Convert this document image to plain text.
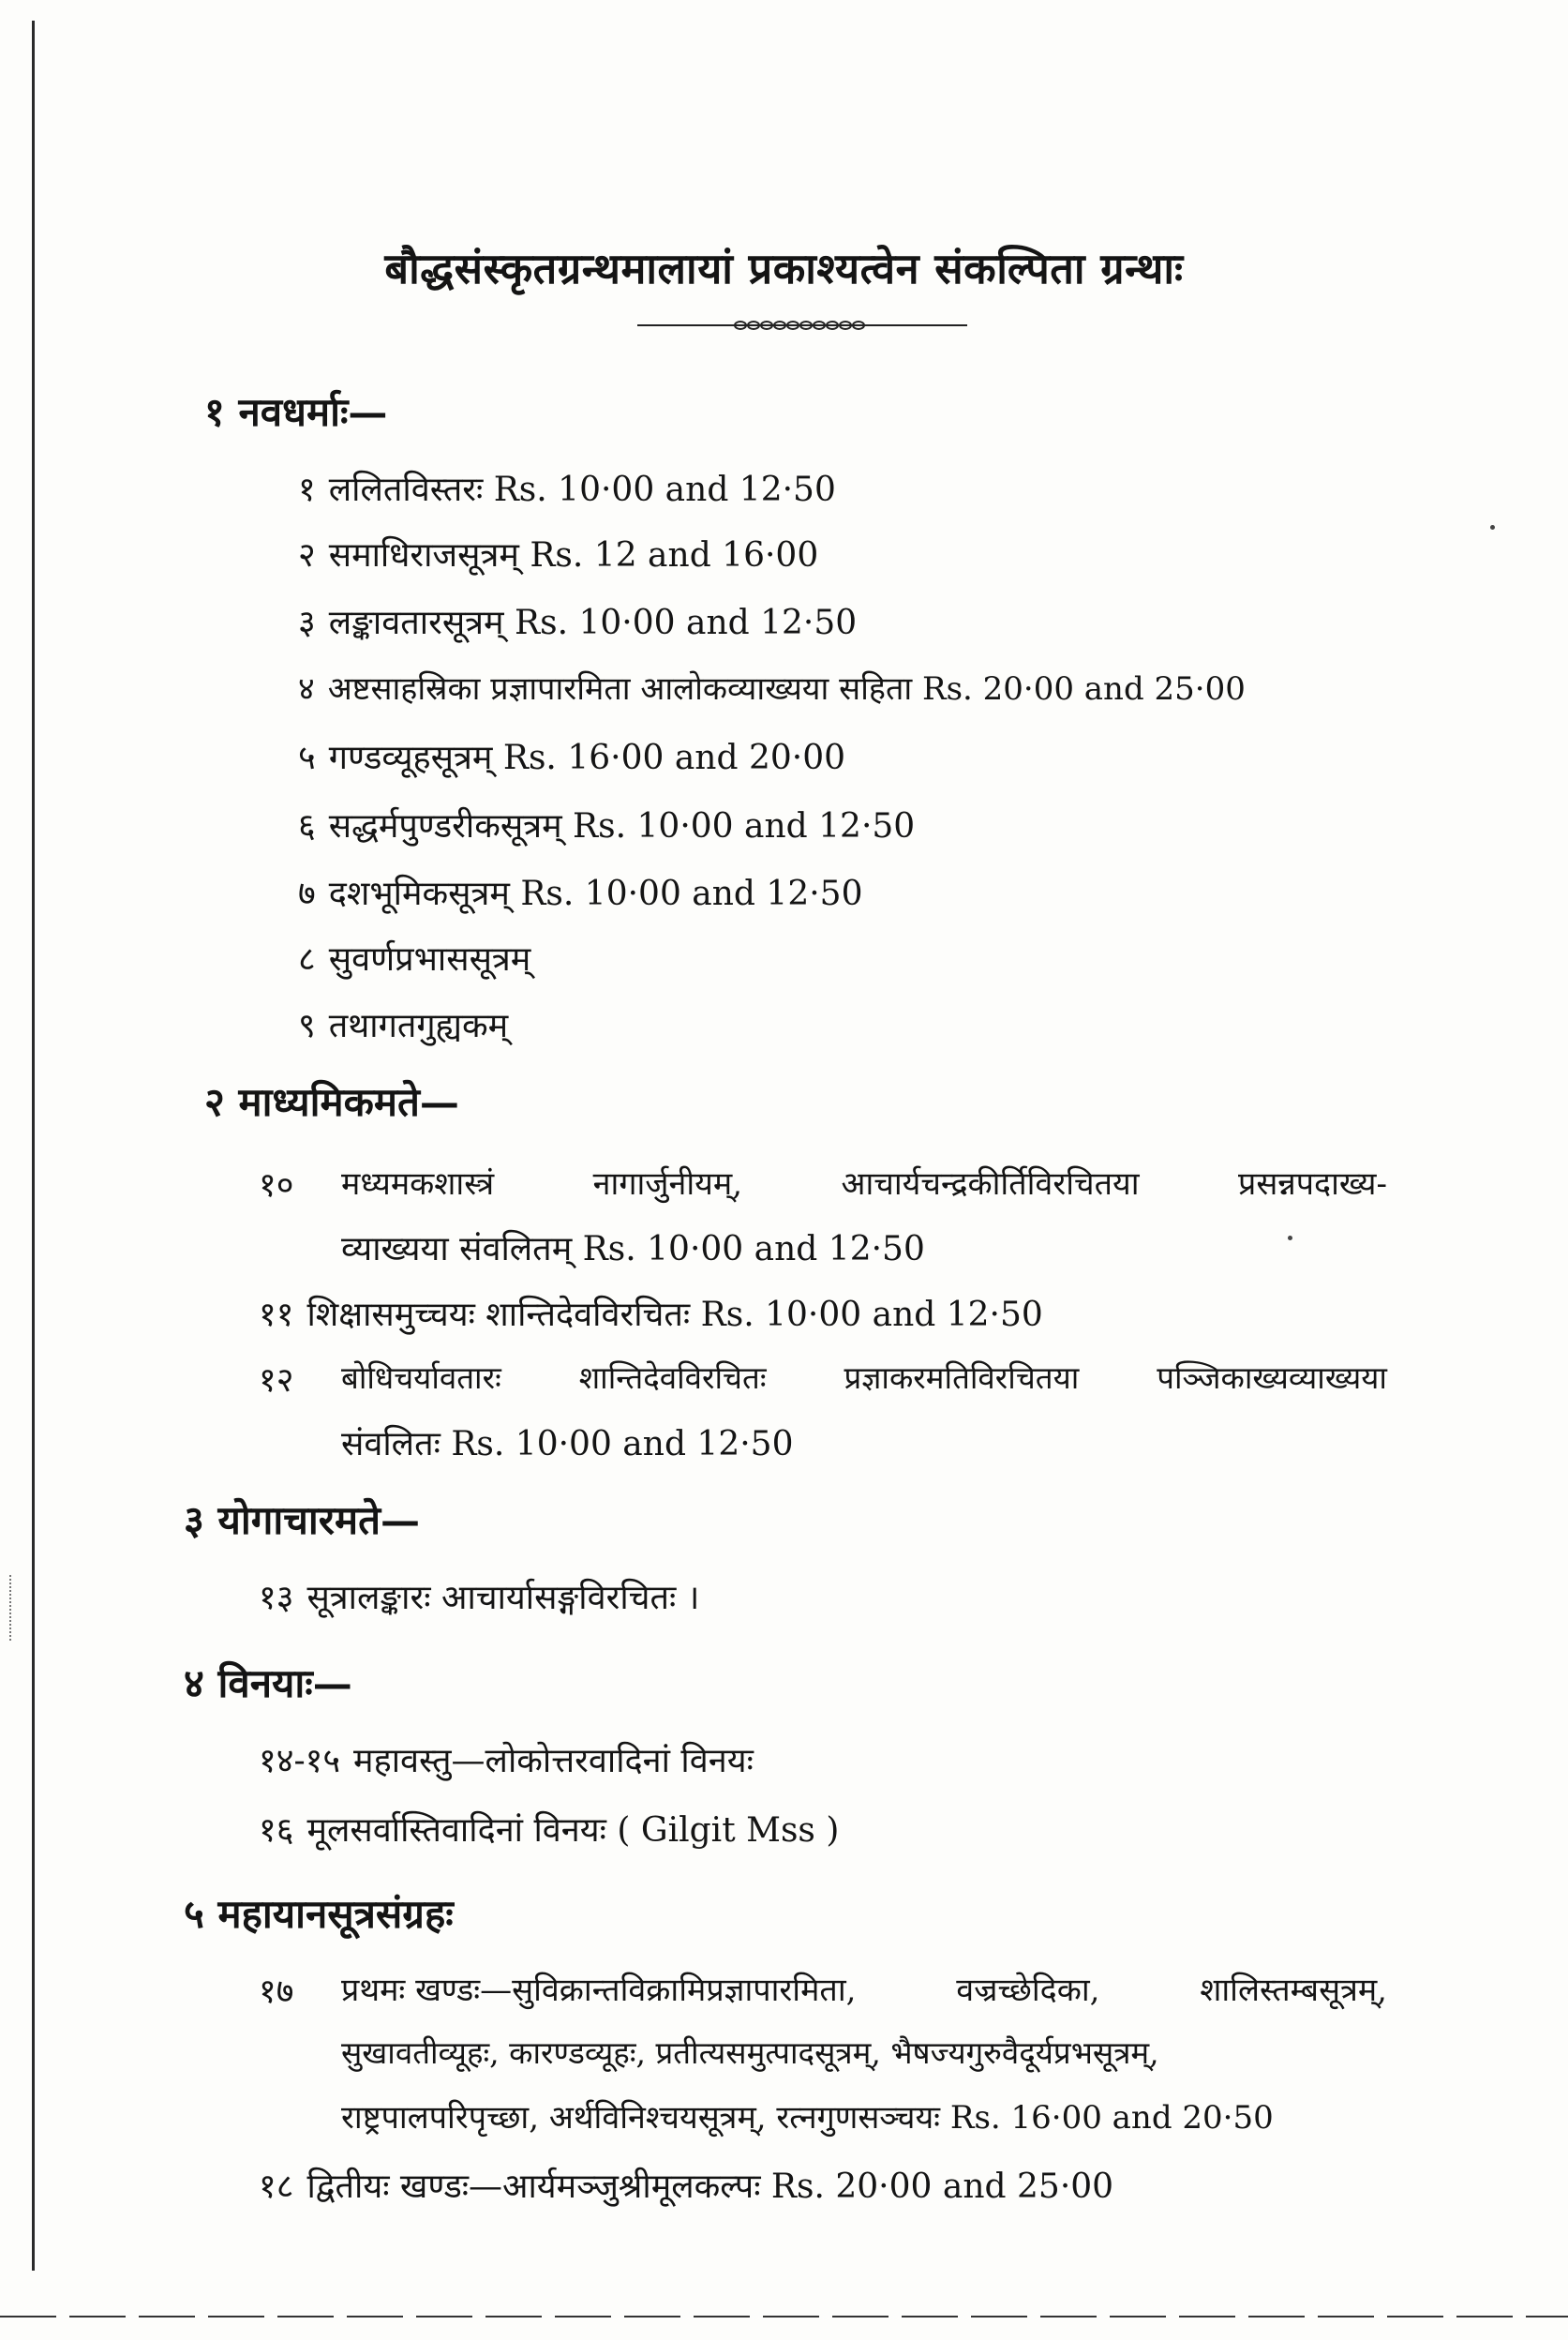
बौद्धसंस्कृतग्रन्थमालायां प्रकाश्यत्वेन संकल्पिता ग्रन्थाः
१ नवधर्माः—
१ ललितविस्तरः Rs. 10·00 and 12·50
२ समाधिराजसूत्रम् Rs. 12 and 16·00
३ लङ्कावतारसूत्रम् Rs. 10·00 and 12·50
४ अष्टसाहस्रिका प्रज्ञापारमिता आलोकव्याख्यया सहिता Rs. 20·00 and 25·00
५ गण्डव्यूहसूत्रम् Rs. 16·00 and 20·00
६ सद्धर्मपुण्डरीकसूत्रम् Rs. 10·00 and 12·50
७ दशभूमिकसूत्रम् Rs. 10·00 and 12·50
८ सुवर्णप्रभाससूत्रम्
९ तथागतगुह्यकम्
२ माध्यमिकमते—
१० मध्यमकशास्त्रं	नागार्जुनीयम्,	आचार्यचन्द्रकीर्तिविरचितया	प्रसन्नपदाख्य-
व्याख्यया संवलितम् Rs. 10·00 and 12·50
११ शिक्षासमुच्चयः शान्तिदेवविरचितः Rs. 10·00 and 12·50
१२ बोधिचर्यावतारः	शान्तिदेवविरचितः	प्रज्ञाकरमतिविरचितया	पञ्जिकाख्यव्याख्यया
संवलितः Rs. 10·00 and 12·50
३ योगाचारमते—
१३ सूत्रालङ्कारः आचार्यासङ्गविरचितः ।
४ विनयाः—
१४-१५ महावस्तु—लोकोत्तरवादिनां विनयः
१६ मूलसर्वास्तिवादिनां विनयः ( Gilgit Mss )
५ महायानसूत्रसंग्रहः
१७ प्रथमः खण्डः—सुविक्रान्तविक्रामिप्रज्ञापारमिता,	वज्रच्छेदिका,	शालिस्तम्बसूत्रम्,
सुखावतीव्यूहः, कारण्डव्यूहः, प्रतीत्यसमुत्पादसूत्रम्, भैषज्यगुरुवैदूर्यप्रभसूत्रम्,
राष्ट्रपालपरिपृच्छा, अर्थविनिश्चयसूत्रम्, रत्नगुणसञ्चयः Rs. 16·00 and 20·50
१८ द्वितीयः खण्डः—आर्यमञ्जुश्रीमूलकल्पः Rs. 20·00 and 25·00
